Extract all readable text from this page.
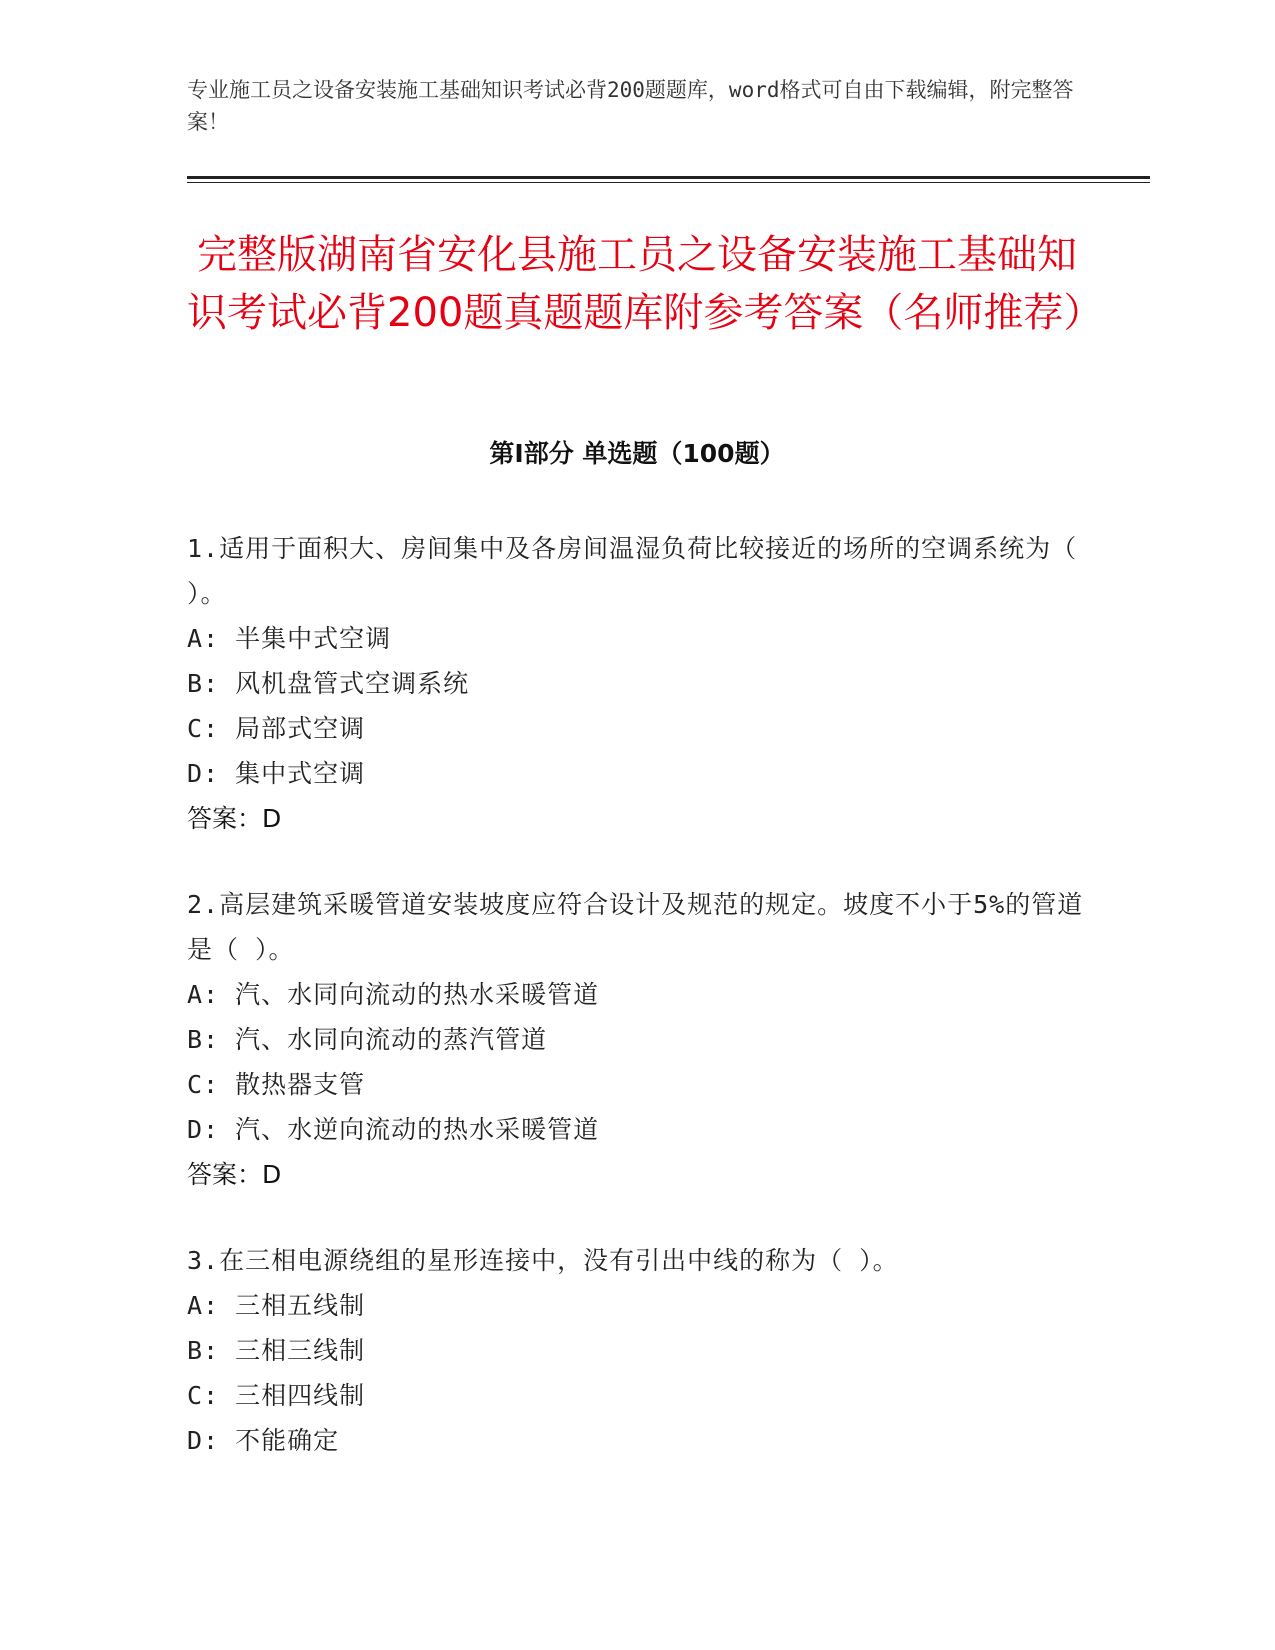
专业施工员之设备安装施工基础知识考试必背200题题库，word格式可自由下载编辑，附完整答案！
完整版湖南省安化县施工员之设备安装施工基础知识考试必背200题真题题库附参考答案（名师推荐）
第I部分 单选题（100题）
1.适用于面积大、房间集中及各房间温湿负荷比较接近的场所的空调系统为（ ）。
A: 半集中式空调
B: 风机盘管式空调系统
C: 局部式空调
D: 集中式空调
答案：D
2.高层建筑采暖管道安装坡度应符合设计及规范的规定。坡度不小于5%的管道是（ ）。
A: 汽、水同向流动的热水采暖管道
B: 汽、水同向流动的蒸汽管道
C: 散热器支管
D: 汽、水逆向流动的热水采暖管道
答案：D
3.在三相电源绕组的星形连接中，没有引出中线的称为（ ）。
A: 三相五线制
B: 三相三线制
C: 三相四线制
D: 不能确定
